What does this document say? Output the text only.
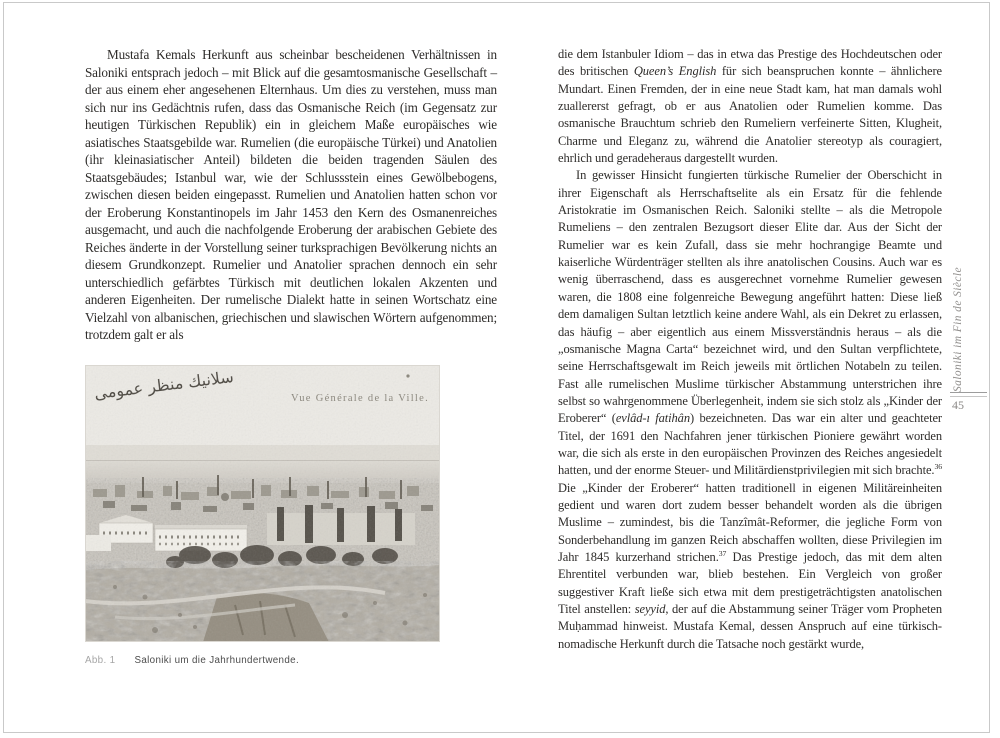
Mustafa Kemals Herkunft aus scheinbar bescheidenen Verhältnissen in Saloniki entsprach jedoch – mit Blick auf die gesamtosmanische Gesellschaft – der aus einem eher angesehenen Elternhaus. Um dies zu verstehen, muss man sich nur ins Gedächtnis rufen, dass das Osmanische Reich (im Gegensatz zur heutigen Türkischen Republik) ein in gleichem Maße europäisches wie asiatisches Staatsgebilde war. Rumelien (die europäische Türkei) und Anatolien (ihr kleinasiatischer Anteil) bildeten die beiden tragenden Säulen des Staatsgebäudes; Istanbul war, wie der Schlussstein eines Gewölbebogens, zwischen diesen beiden eingepasst. Rumelien und Anatolien hatten schon vor der Eroberung Konstantinopels im Jahr 1453 den Kern des Osmanenreiches ausgemacht, und auch die nachfolgende Eroberung der arabischen Gebiete des Reiches änderte in der Vorstellung seiner turksprachigen Bevölkerung nichts an diesem Grundkonzept. Rumelier und Anatolier sprachen dennoch ein sehr unterschiedlich gefärbtes Türkisch mit deutlichen lokalen Akzenten und anderen Eigenheiten. Der rumelische Dialekt hatte in seinen Wortschatz eine Vielzahl von albanischen, griechischen und slawischen Wörtern aufgenommen; trotzdem galt er als

سلانيك منظر عمومى	Vue Générale de la Ville.
Abb. 1 Saloniki um die Jahrhundertwende.

die dem Istanbuler Idiom – das in etwa das Prestige des Hochdeutschen oder des britischen Queen’s English für sich beanspruchen konnte – ähnlichere Mundart. Einen Fremden, der in eine neue Stadt kam, hat man damals wohl zuallererst gefragt, ob er aus Anatolien oder Rumelien komme. Das osmanische Brauchtum schrieb den Rumeliern verfeinerte Sitten, Klugheit, Charme und Eleganz zu, während die Anatolier stereotyp als couragiert, ehrlich und geradeheraus dargestellt wurden.

In gewisser Hinsicht fungierten türkische Rumelier der Oberschicht in ihrer Eigenschaft als Herrschaftselite als ein Ersatz für die fehlende Aristokratie im Osmanischen Reich. Saloniki stellte – als die Metropole Rumeliens – den zentralen Bezugsort dieser Elite dar. Aus der Sicht der Rumelier war es kein Zufall, dass sie mehr hochrangige Beamte und kaiserliche Würdenträger stellten als ihre anatolischen Cousins. Auch war es wenig überraschend, dass es ausgerechnet vornehme Rumelier gewesen waren, die 1808 eine folgenreiche Bewegung angeführt hatten: Diese ließ dem damaligen Sultan letztlich keine andere Wahl, als ein Dekret zu erlassen, das häufig – aber eigentlich aus einem Missverständnis heraus – als die „osmanische Magna Carta“ bezeichnet wird, und den Sultan verpflichtete, seine Herrschaftsgewalt im Reich jeweils mit örtlichen Notabeln zu teilen. Fast alle rumelischen Muslime türkischer Abstammung unterstrichen ihre selbst so wahrgenommene Überlegenheit, indem sie sich stolz als „Kinder der Eroberer“ (evlâd-ı fatihân) bezeichneten. Das war ein alter und geachteter Titel, der 1691 den Nachfahren jener türkischen Pioniere gewährt worden war, die sich als erste in den europäischen Provinzen des Reiches angesiedelt hatten, und der enorme Steuer- und Militärdienstprivilegien mit sich brachte.$^{36}$ Die „Kinder der Eroberer“ hatten traditionell in eigenen Militäreinheiten gedient und waren dort zudem besser behandelt worden als die übrigen Muslime – zumindest, bis die Tanzîmât-Reformer, die jegliche Form von Sonderbehandlung im ganzen Reich abschaffen wollten, diese Privilegien im Jahr 1845 kurzerhand strichen.$^{37}$ Das Prestige jedoch, das mit dem alten Ehrentitel verbunden war, blieb bestehen. Ein Vergleich von großer suggestiver Kraft ließe sich etwa mit dem prestigeträchtigsten anatolischen Titel anstellen: seyyid, der auf die Abstammung seiner Träger vom Propheten Muḥammad hinweist. Mustafa Kemal, dessen Anspruch auf eine türkisch-nomadische Herkunft durch die Tatsache noch gestärkt wurde,

Saloniki im Fin de Siècle
45
